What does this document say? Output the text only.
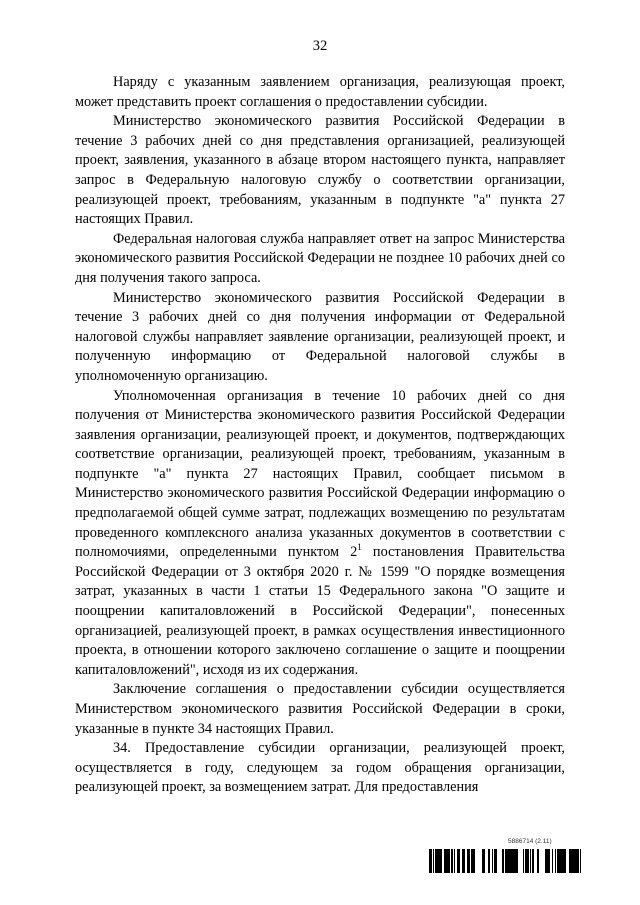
32

Наряду с указанным заявлением организация, реализующая проект, может представить проект соглашения о предоставлении субсидии.

Министерство экономического развития Российской Федерации в течение 3 рабочих дней со дня представления организацией, реализующей проект, заявления, указанного в абзаце втором настоящего пункта, направляет запрос в Федеральную налоговую службу о соответствии организации, реализующей проект, требованиям, указанным в подпункте "а" пункта 27 настоящих Правил.

Федеральная налоговая служба направляет ответ на запрос Министерства экономического развития Российской Федерации не позднее 10 рабочих дней со дня получения такого запроса.

Министерство экономического развития Российской Федерации в течение 3 рабочих дней со дня получения информации от Федеральной налоговой службы направляет заявление организации, реализующей проект, и полученную информацию от Федеральной налоговой службы в уполномоченную организацию.

Уполномоченная организация в течение 10 рабочих дней со дня получения от Министерства экономического развития Российской Федерации заявления организации, реализующей проект, и документов, подтверждающих соответствие организации, реализующей проект, требованиям, указанным в подпункте "а" пункта 27 настоящих Правил, сообщает письмом в Министерство экономического развития Российской Федерации информацию о предполагаемой общей сумме затрат, подлежащих возмещению по результатам проведенного комплексного анализа указанных документов в соответствии с полномочиями, определенными пунктом $2^1$ постановления Правительства Российской Федерации от 3 октября 2020 г. № 1599 "О порядке возмещения затрат, указанных в части 1 статьи 15 Федерального закона "О защите и поощрении капиталовложений в Российской Федерации", понесенных организацией, реализующей проект, в рамках осуществления инвестиционного проекта, в отношении которого заключено соглашение о защите и поощрении капиталовложений", исходя из их содержания.

Заключение соглашения о предоставлении субсидии осуществляется Министерством экономического развития Российской Федерации в сроки, указанные в пункте 34 настоящих Правил.

34. Предоставление субсидии организации, реализующей проект, осуществляется в году, следующем за годом обращения организации, реализующей проект, за возмещением затрат. Для предоставления

5886714 (2.11)
